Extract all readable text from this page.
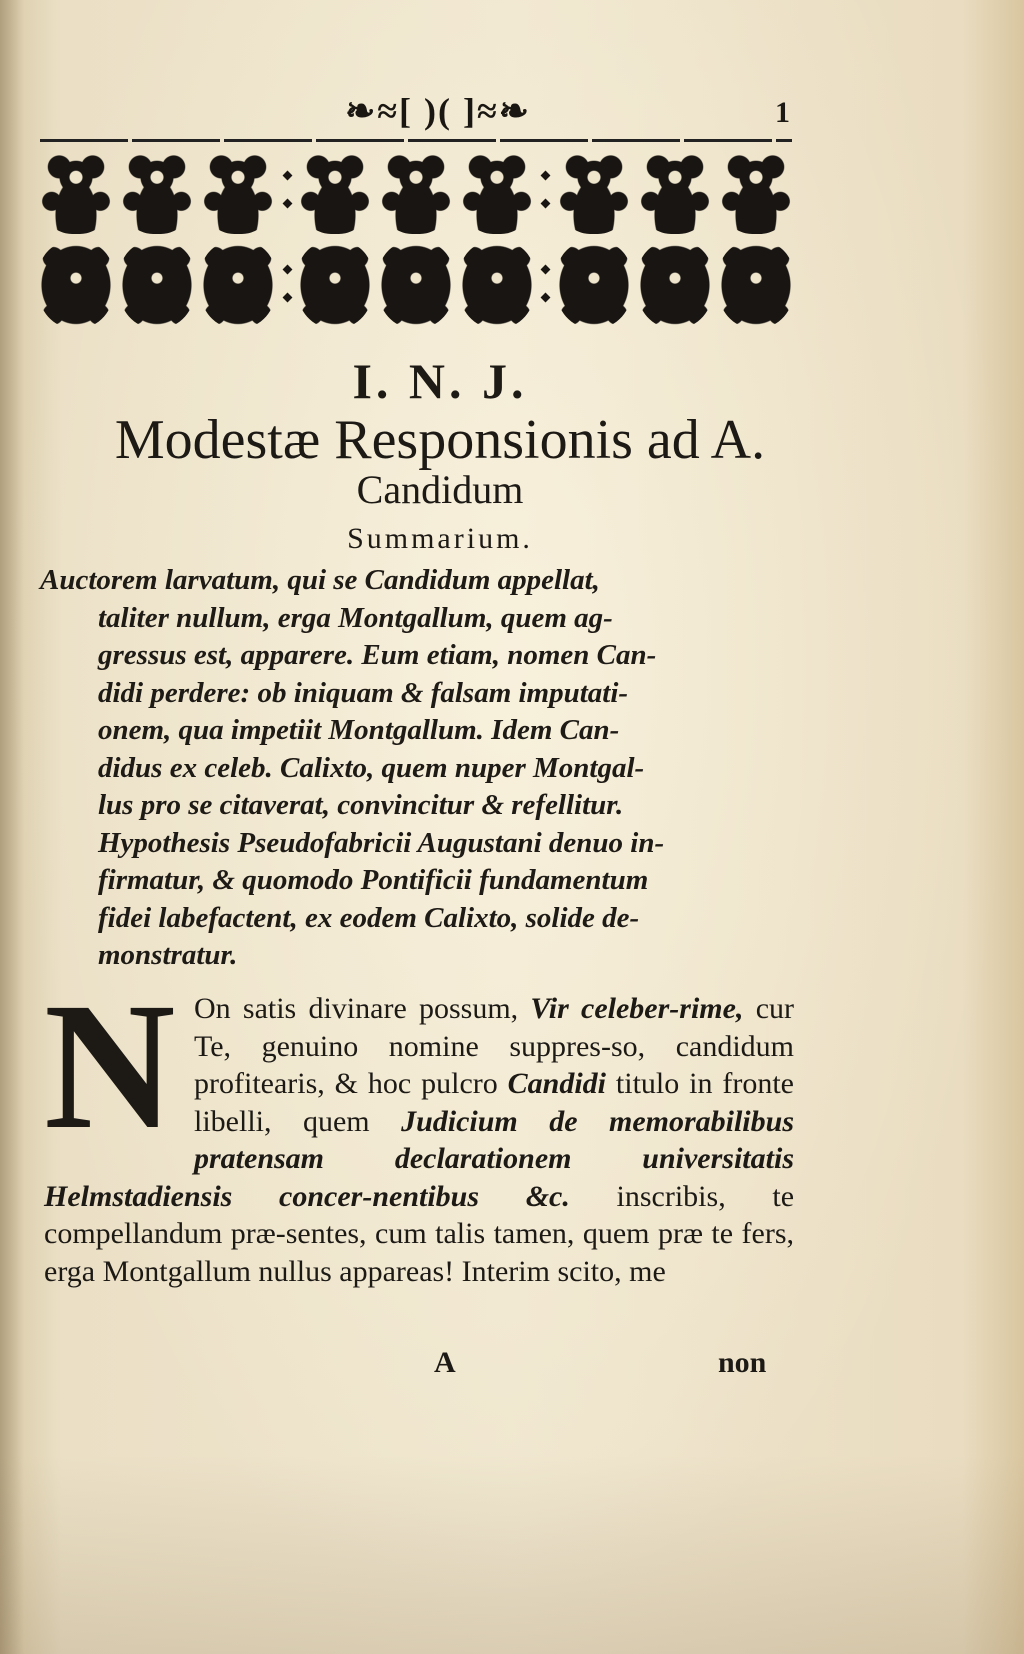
❧≈[ )( ]≈❧	1
I. N. J.
Modestæ Responsionis ad A.
Candidum
Summarium.
Auctorem larvatum, qui se Candidum appellat,
taliter nullum, erga Montgallum, quem ag-
gressus est, apparere. Eum etiam, nomen Can-
didi perdere: ob iniquam & falsam imputati-
onem, qua impetiit Montgallum. Idem Can-
didus ex celeb. Calixto, quem nuper Montgal-
lus pro se citaverat, convincitur & refellitur.
Hypothesis Pseudofabricii Augustani denuo in-
firmatur, & quomodo Pontificii fundamentum
fidei labefactent, ex eodem Calixto, solide de-
monstratur.
N On satis divinare possum, Vir celeber-rime, cur Te, genuino nomine suppres-so, candidum profitearis, & hoc pulcro Candidi titulo in fronte libelli, quem Judicium de memorabilibus pratensam declarationem universitatis Helmstadiensis concer-nentibus &c. inscribis, te compellandum præ-sentes, cum talis tamen, quem præ te fers, erga Montgallum nullus appareas! Interim scito, me
A	non
